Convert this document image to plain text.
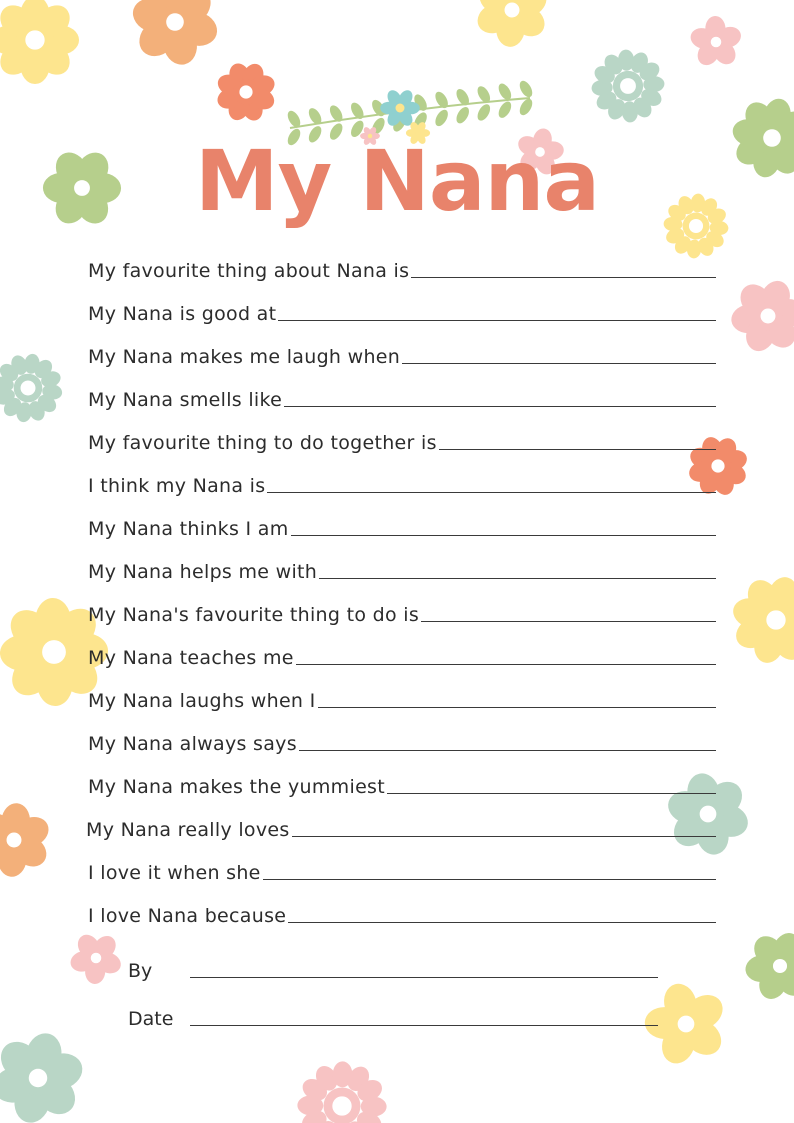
My Nana
My favourite thing about Nana is
My Nana is good at
My Nana makes me laugh when
My Nana smells like
My favourite thing to do together is
I think my Nana is
My Nana thinks I am
My Nana helps me with
My Nana's favourite thing to do is
My Nana teaches me
My Nana laughs when I
My Nana always says
My Nana makes the yummiest
My Nana really loves
I love it when she
I love Nana because
By
Date
